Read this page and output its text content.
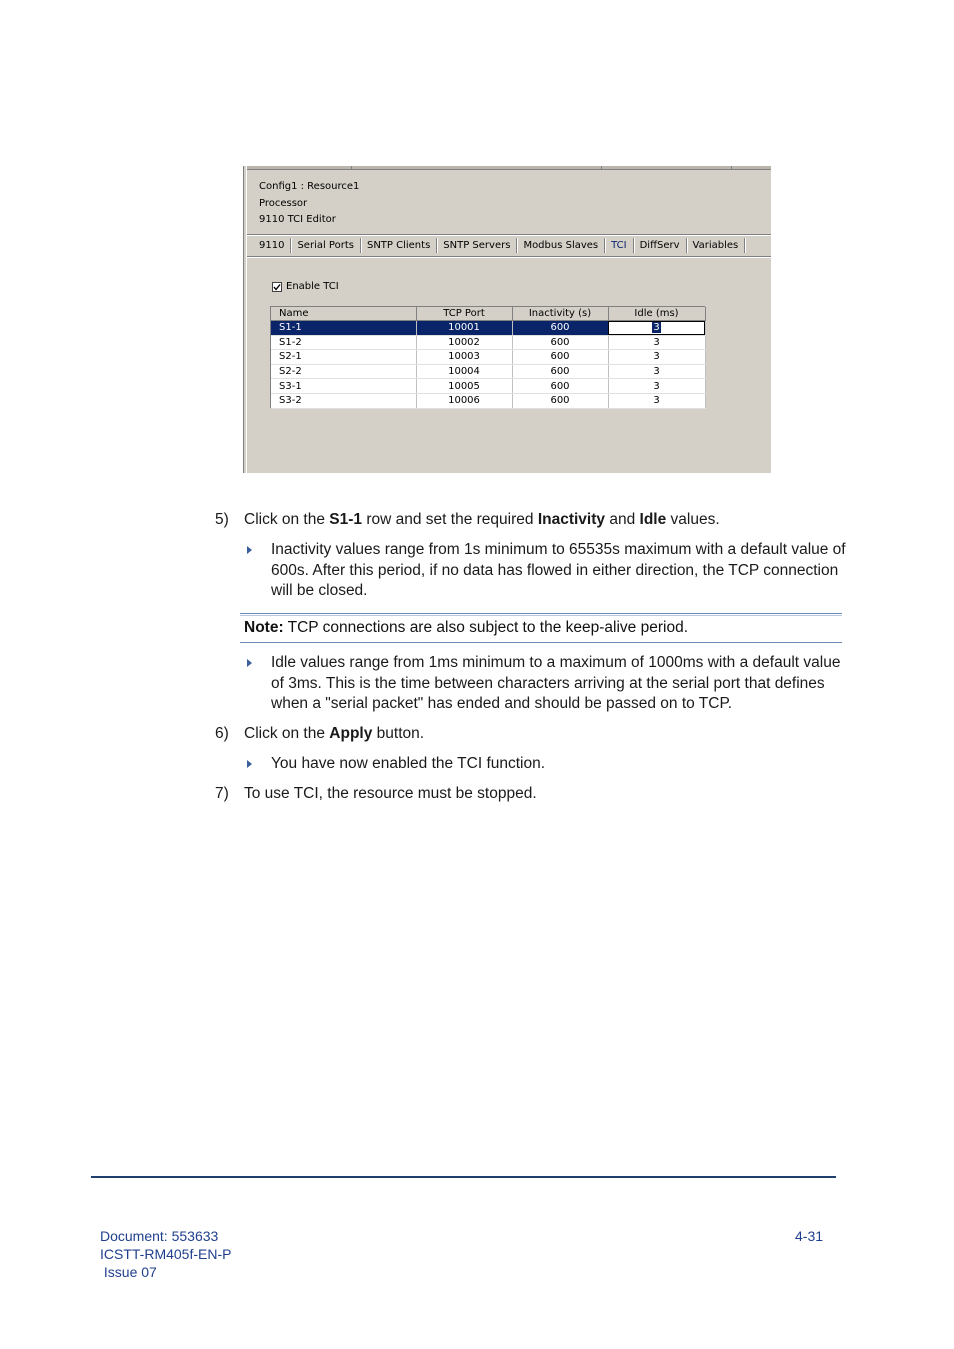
Config1 : Resource1
Processor
9110 TCI Editor
9110	Serial Ports	SNTP Clients	SNTP Servers	Modbus Slaves	TCI	DiffServ	Variables
Enable TCI
Name	TCP Port	Inactivity (s)	Idle (ms)
S1-1	10001	600	3
S1-2	10002	600	3
S2-1	10003	600	3
S2-2	10004	600	3
S3-1	10005	600	3
S3-2	10006	600	3
5) Click on the S1-1 row and set the required Inactivity and Idle values.
Inactivity values range from 1s minimum to 65535s maximum with a default value of 600s. After this period, if no data has flowed in either direction, the TCP connection will be closed.
Note: TCP connections are also subject to the keep-alive period.
Idle values range from 1ms minimum to a maximum of 1000ms with a default value of 3ms. This is the time between characters arriving at the serial port that defines when a "serial packet" has ended and should be passed on to TCP.
6) Click on the Apply button.
You have now enabled the TCI function.
7) To use TCI, the resource must be stopped.
Document: 553633
ICSTT-RM405f-EN-P
Issue 07
4-31
